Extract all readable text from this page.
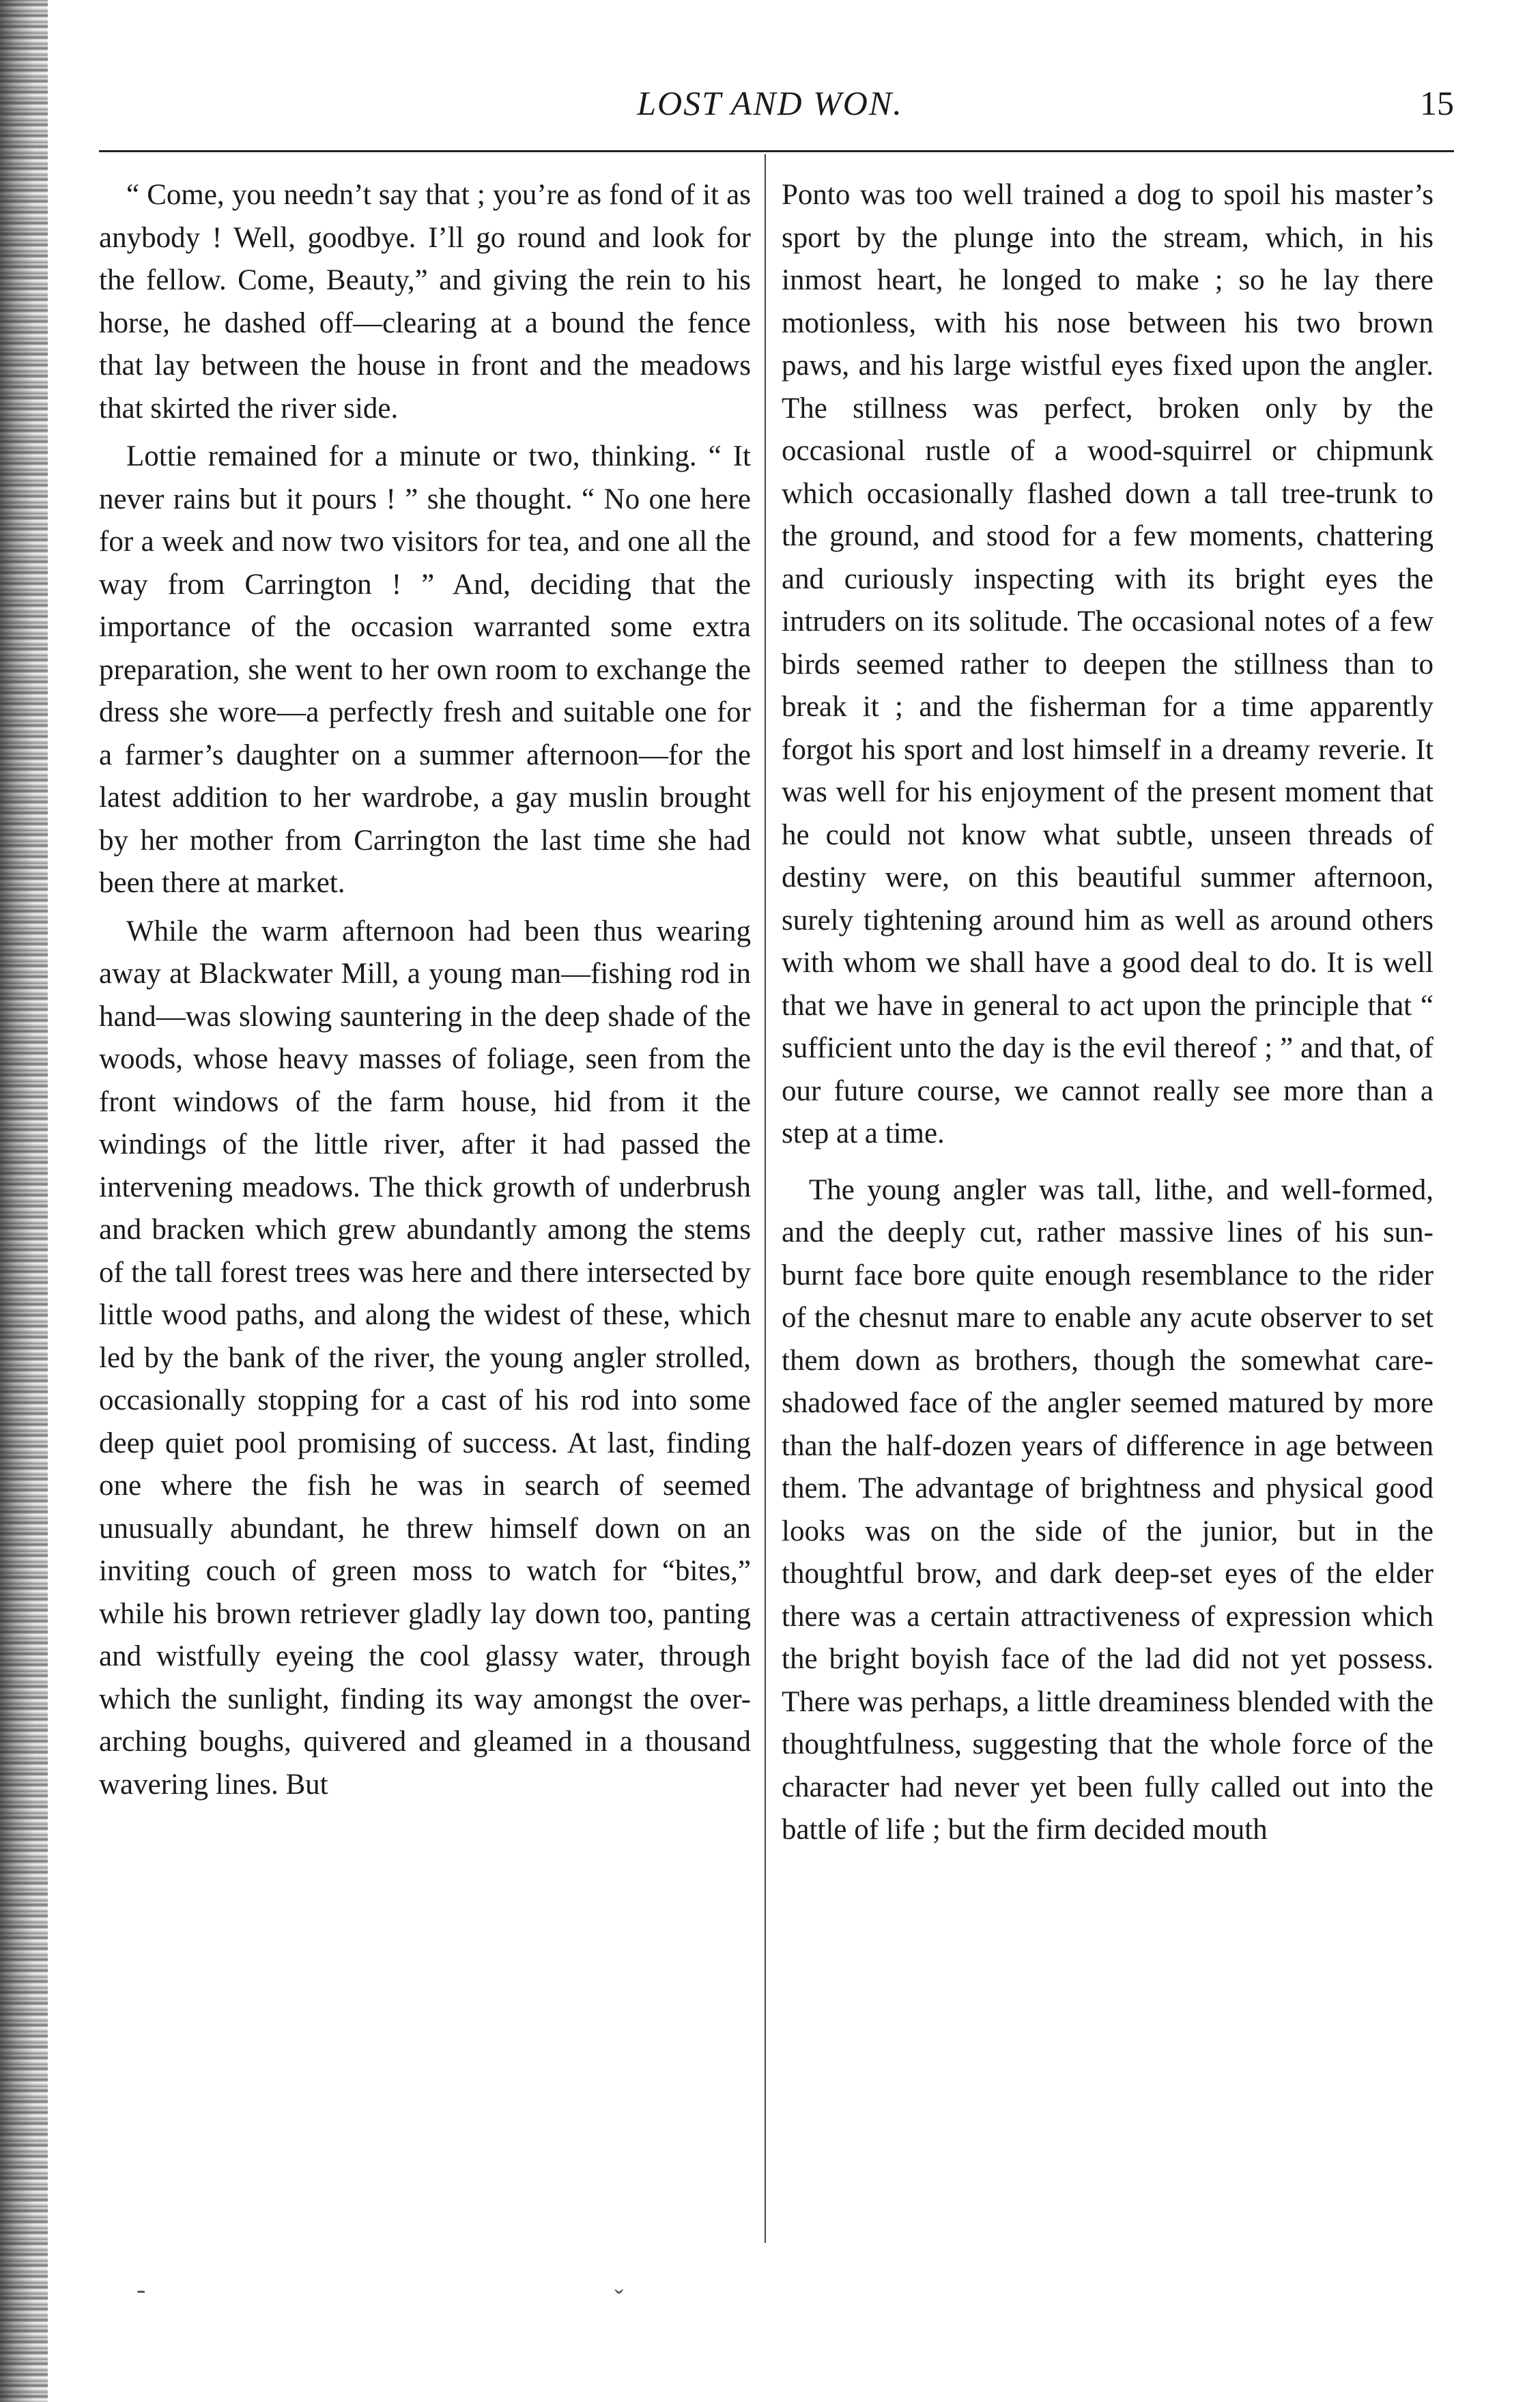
LOST AND WON.	15

“ Come, you needn’t say that ; you’re as fond of it as anybody ! Well, goodbye. I’ll go round and look for the fellow. Come, Beauty,” and giving the rein to his horse, he dashed off—clearing at a bound the fence that lay between the house in front and the meadows that skirted the river side.

Lottie remained for a minute or two, thinking. “ It never rains but it pours ! ” she thought. “ No one here for a week and now two visitors for tea, and one all the way from Carrington ! ” And, deciding that the importance of the occasion warranted some extra preparation, she went to her own room to exchange the dress she wore—a perfectly fresh and suitable one for a farmer’s daughter on a summer afternoon—for the latest addition to her wardrobe, a gay muslin brought by her mother from Carrington the last time she had been there at market.

While the warm afternoon had been thus wearing away at Blackwater Mill, a young man—fishing rod in hand—was slowing sauntering in the deep shade of the woods, whose heavy masses of foliage, seen from the front windows of the farm house, hid from it the windings of the little river, after it had passed the intervening meadows. The thick growth of underbrush and bracken which grew abundantly among the stems of the tall forest trees was here and there intersected by little wood paths, and along the widest of these, which led by the bank of the river, the young angler strolled, occasionally stopping for a cast of his rod into some deep quiet pool promising of success. At last, finding one where the fish he was in search of seemed unusually abundant, he threw himself down on an inviting couch of green moss to watch for “bites,” while his brown retriever gladly lay down too, panting and wistfully eyeing the cool glassy water, through which the sunlight, finding its way amongst the over-arching boughs, quivered and gleamed in a thousand wavering lines. But

Ponto was too well trained a dog to spoil his master’s sport by the plunge into the stream, which, in his inmost heart, he longed to make ; so he lay there motionless, with his nose between his two brown paws, and his large wistful eyes fixed upon the angler. The stillness was perfect, broken only by the occasional rustle of a wood-squirrel or chipmunk which occasionally flashed down a tall tree-trunk to the ground, and stood for a few moments, chattering and curiously inspecting with its bright eyes the intruders on its solitude. The occasional notes of a few birds seemed rather to deepen the stillness than to break it ; and the fisherman for a time apparently forgot his sport and lost himself in a dreamy reverie. It was well for his enjoyment of the present moment that he could not know what subtle, unseen threads of destiny were, on this beautiful summer afternoon, surely tightening around him as well as around others with whom we shall have a good deal to do. It is well that we have in general to act upon the principle that “ sufficient unto the day is the evil thereof ; ” and that, of our future course, we cannot really see more than a step at a time.

The young angler was tall, lithe, and well-formed, and the deeply cut, rather massive lines of his sun-burnt face bore quite enough resemblance to the rider of the chesnut mare to enable any acute observer to set them down as brothers, though the somewhat care-shadowed face of the angler seemed matured by more than the half-dozen years of difference in age between them. The advantage of brightness and physical good looks was on the side of the junior, but in the thoughtful brow, and dark deep-set eyes of the elder there was a certain attractiveness of expression which the bright boyish face of the lad did not yet possess. There was perhaps, a little dreaminess blended with the thoughtfulness, suggesting that the whole force of the character had never yet been fully called out into the battle of life ; but the firm decided mouth

-	ˇ
